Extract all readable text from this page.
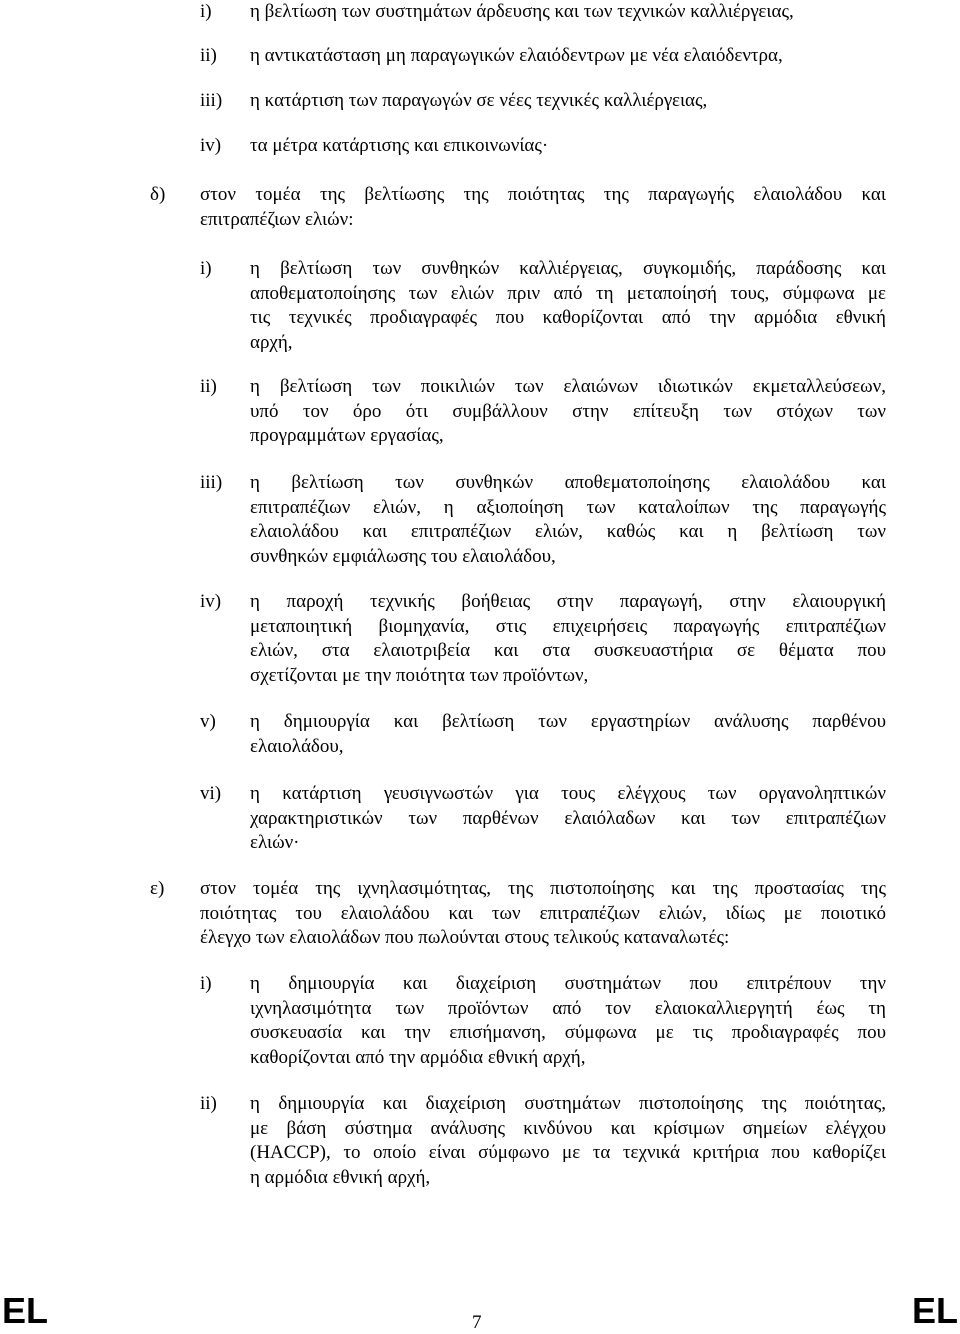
i) η βελτίωση των συστημάτων άρδευσης και των τεχνικών καλλιέργειας,
ii) η αντικατάσταση μη παραγωγικών ελαιόδεντρων με νέα ελαιόδεντρα,
iii) η κατάρτιση των παραγωγών σε νέες τεχνικές καλλιέργειας,
iv) τα μέτρα κατάρτισης και επικοινωνίας·
δ) στον τομέα της βελτίωσης της ποιότητας της παραγωγής ελαιολάδου και
επιτραπέζιων ελιών:
i) η βελτίωση των συνθηκών καλλιέργειας, συγκομιδής, παράδοσης και
αποθεματοποίησης των ελιών πριν από τη μεταποίησή τους, σύμφωνα με
τις τεχνικές προδιαγραφές που καθορίζονται από την αρμόδια εθνική
αρχή,
ii) η βελτίωση των ποικιλιών των ελαιώνων ιδιωτικών εκμεταλλεύσεων,
υπό τον όρο ότι συμβάλλουν στην επίτευξη των στόχων των
προγραμμάτων εργασίας,
iii) η βελτίωση των συνθηκών αποθεματοποίησης ελαιολάδου και
επιτραπέζιων ελιών, η αξιοποίηση των καταλοίπων της παραγωγής
ελαιολάδου και επιτραπέζιων ελιών, καθώς και η βελτίωση των
συνθηκών εμφιάλωσης του ελαιολάδου,
iv) η παροχή τεχνικής βοήθειας στην παραγωγή, στην ελαιουργική
μεταποιητική βιομηχανία, στις επιχειρήσεις παραγωγής επιτραπέζιων
ελιών, στα ελαιοτριβεία και στα συσκευαστήρια σε θέματα που
σχετίζονται με την ποιότητα των προϊόντων,
v) η δημιουργία και βελτίωση των εργαστηρίων ανάλυσης παρθένου
ελαιολάδου,
vi) η κατάρτιση γευσιγνωστών για τους ελέγχους των οργανοληπτικών
χαρακτηριστικών των παρθένων ελαιόλαδων και των επιτραπέζιων
ελιών·
ε) στον τομέα της ιχνηλασιμότητας, της πιστοποίησης και της προστασίας της
ποιότητας του ελαιολάδου και των επιτραπέζιων ελιών, ιδίως με ποιοτικό
έλεγχο των ελαιολάδων που πωλούνται στους τελικούς καταναλωτές:
i) η δημιουργία και διαχείριση συστημάτων που επιτρέπουν την
ιχνηλασιμότητα των προϊόντων από τον ελαιοκαλλιεργητή έως τη
συσκευασία και την επισήμανση, σύμφωνα με τις προδιαγραφές που
καθορίζονται από την αρμόδια εθνική αρχή,
ii) η δημιουργία και διαχείριση συστημάτων πιστοποίησης της ποιότητας,
με βάση σύστημα ανάλυσης κινδύνου και κρίσιμων σημείων ελέγχου
(HACCP), το οποίο είναι σύμφωνο με τα τεχνικά κριτήρια που καθορίζει
η αρμόδια εθνική αρχή,
EL	7	EL
